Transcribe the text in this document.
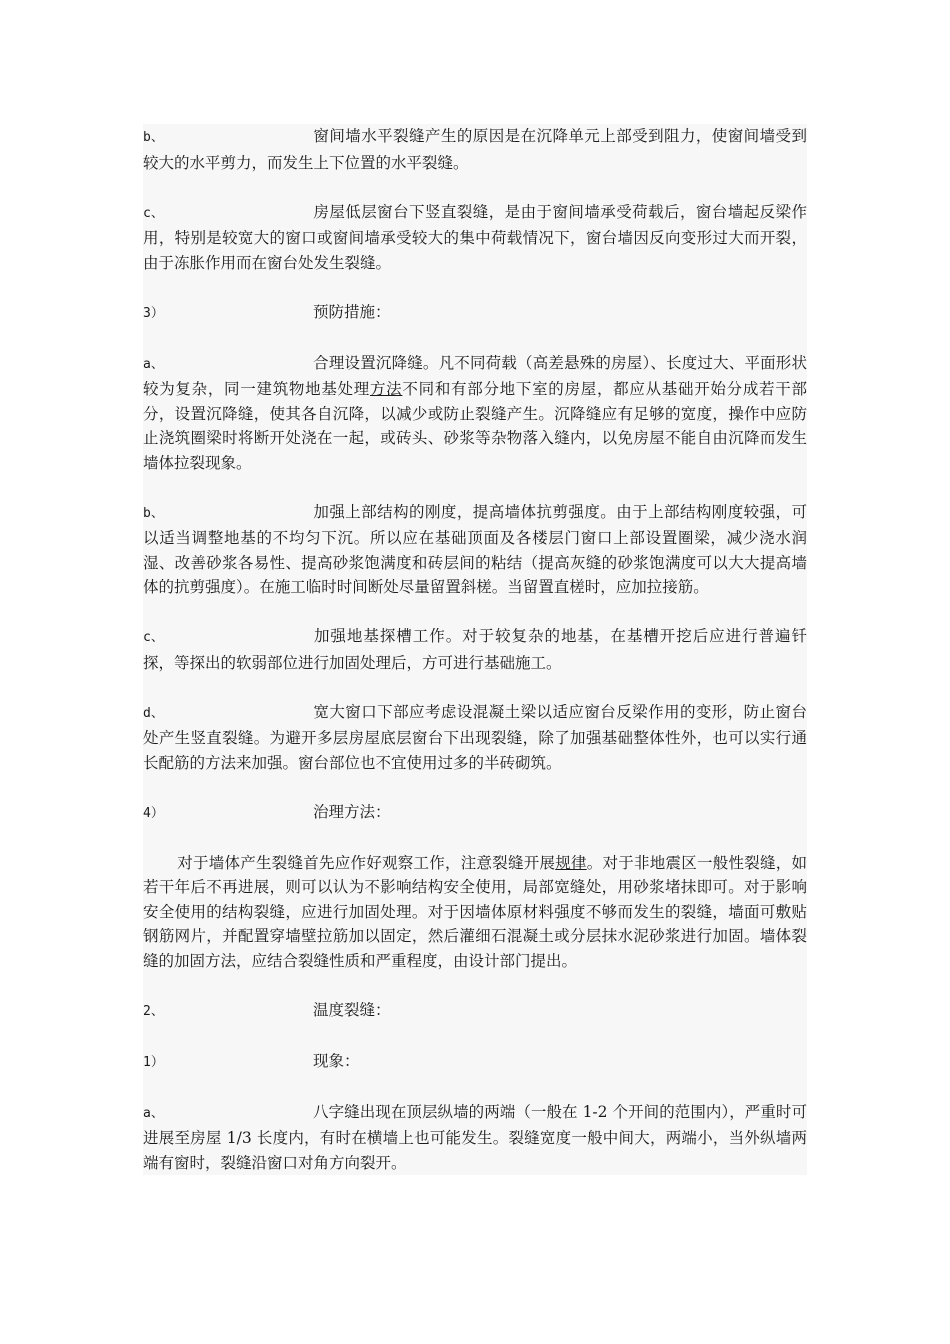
b、	窗间墙水平裂缝产生的原因是在沉降单元上部受到阻力，使窗间墙受到较大的水平剪力，而发生上下位置的水平裂缝。

c、	房屋低层窗台下竖直裂缝，是由于窗间墙承受荷载后，窗台墙起反梁作用，特别是较宽大的窗口或窗间墙承受较大的集中荷载情况下，窗台墙因反向变形过大而开裂，由于冻胀作用而在窗台处发生裂缝。

3）	预防措施：

a、	合理设置沉降缝。凡不同荷载（高差悬殊的房屋）、长度过大、平面形状较为复杂，同一建筑物地基处理方法不同和有部分地下室的房屋，都应从基础开始分成若干部分，设置沉降缝，使其各自沉降，以减少或防止裂缝产生。沉降缝应有足够的宽度，操作中应防止浇筑圈梁时将断开处浇在一起，或砖头、砂浆等杂物落入缝内，以免房屋不能自由沉降而发生墙体拉裂现象。

b、	加强上部结构的刚度，提高墙体抗剪强度。由于上部结构刚度较强，可以适当调整地基的不均匀下沉。所以应在基础顶面及各楼层门窗口上部设置圈梁，减少浇水润湿、改善砂浆各易性、提高砂浆饱满度和砖层间的粘结（提高灰缝的砂浆饱满度可以大大提高墙体的抗剪强度）。在施工临时时间断处尽量留置斜槎。当留置直槎时，应加拉接筋。

c、	加强地基探槽工作。对于较复杂的地基，在基槽开挖后应进行普遍钎探，等探出的软弱部位进行加固处理后，方可进行基础施工。

d、	宽大窗口下部应考虑设混凝土梁以适应窗台反梁作用的变形，防止窗台处产生竖直裂缝。为避开多层房屋底层窗台下出现裂缝，除了加强基础整体性外，也可以实行通长配筋的方法来加强。窗台部位也不宜使用过多的半砖砌筑。

4）	治理方法：

对于墙体产生裂缝首先应作好观察工作，注意裂缝开展规律。对于非地震区一般性裂缝，如若干年后不再进展，则可以认为不影响结构安全使用，局部宽缝处，用砂浆堵抹即可。对于影响安全使用的结构裂缝，应进行加固处理。对于因墙体原材料强度不够而发生的裂缝，墙面可敷贴钢筋网片，并配置穿墙壁拉筋加以固定，然后灌细石混凝土或分层抹水泥砂浆进行加固。墙体裂缝的加固方法，应结合裂缝性质和严重程度，由设计部门提出。

2、	温度裂缝：

1）	现象：

a、	八字缝出现在顶层纵墙的两端（一般在 1-2 个开间的范围内），严重时可进展至房屋 1/3 长度内，有时在横墙上也可能发生。裂缝宽度一般中间大，两端小，当外纵墙两端有窗时，裂缝沿窗口对角方向裂开。
